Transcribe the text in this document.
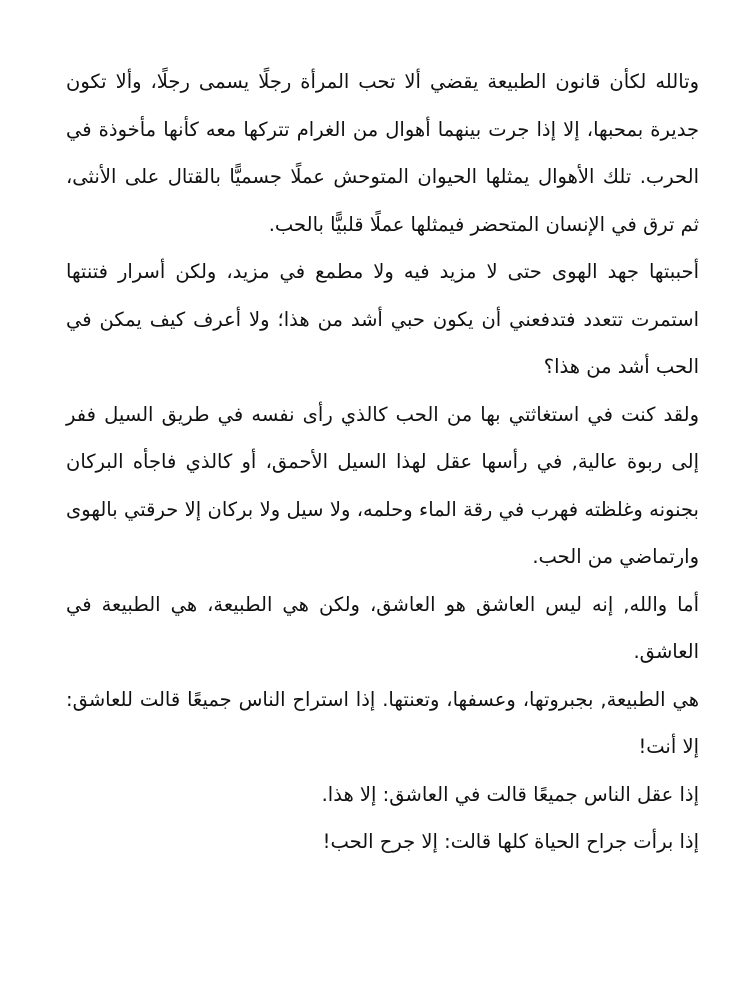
وتالله لكأن قانون الطبيعة يقضي ألا تحب المرأة رجلًا يسمى رجلًا، وألا تكون جديرة بمحبها، إلا إذا جرت بينهما أهوال من الغرام تتركها معه كأنها مأخوذة في الحرب. تلك الأهوال يمثلها الحيوان المتوحش عملًا جسميًّا بالقتال على الأنثى، ثم ترق في الإنسان المتحضر فيمثلها عملًا قلبيًّا بالحب.

أحببتها جهد الهوى حتى لا مزيد فيه ولا مطمع في مزيد، ولكن أسرار فتنتها استمرت تتعدد فتدفعني أن يكون حبي أشد من هذا؛ ولا أعرف كيف يمكن في الحب أشد من هذا؟

ولقد كنت في استغاثتي بها من الحب كالذي رأى نفسه في طريق السيل ففر إلى ربوة عالية, في رأسها عقل لهذا السيل الأحمق، أو كالذي فاجأه البركان بجنونه وغلظته فهرب في رقة الماء وحلمه، ولا سيل ولا بركان إلا حرقتي بالهوى وارتماضي من الحب.

أما والله, إنه ليس العاشق هو العاشق، ولكن هي الطبيعة، هي الطبيعة في العاشق.

هي الطبيعة, بجبروتها، وعسفها، وتعنتها. إذا استراح الناس جميعًا قالت للعاشق: إلا أنت!

إذا عقل الناس جميعًا قالت في العاشق: إلا هذا.

إذا برأت جراح الحياة كلها قالت: إلا جرح الحب!
